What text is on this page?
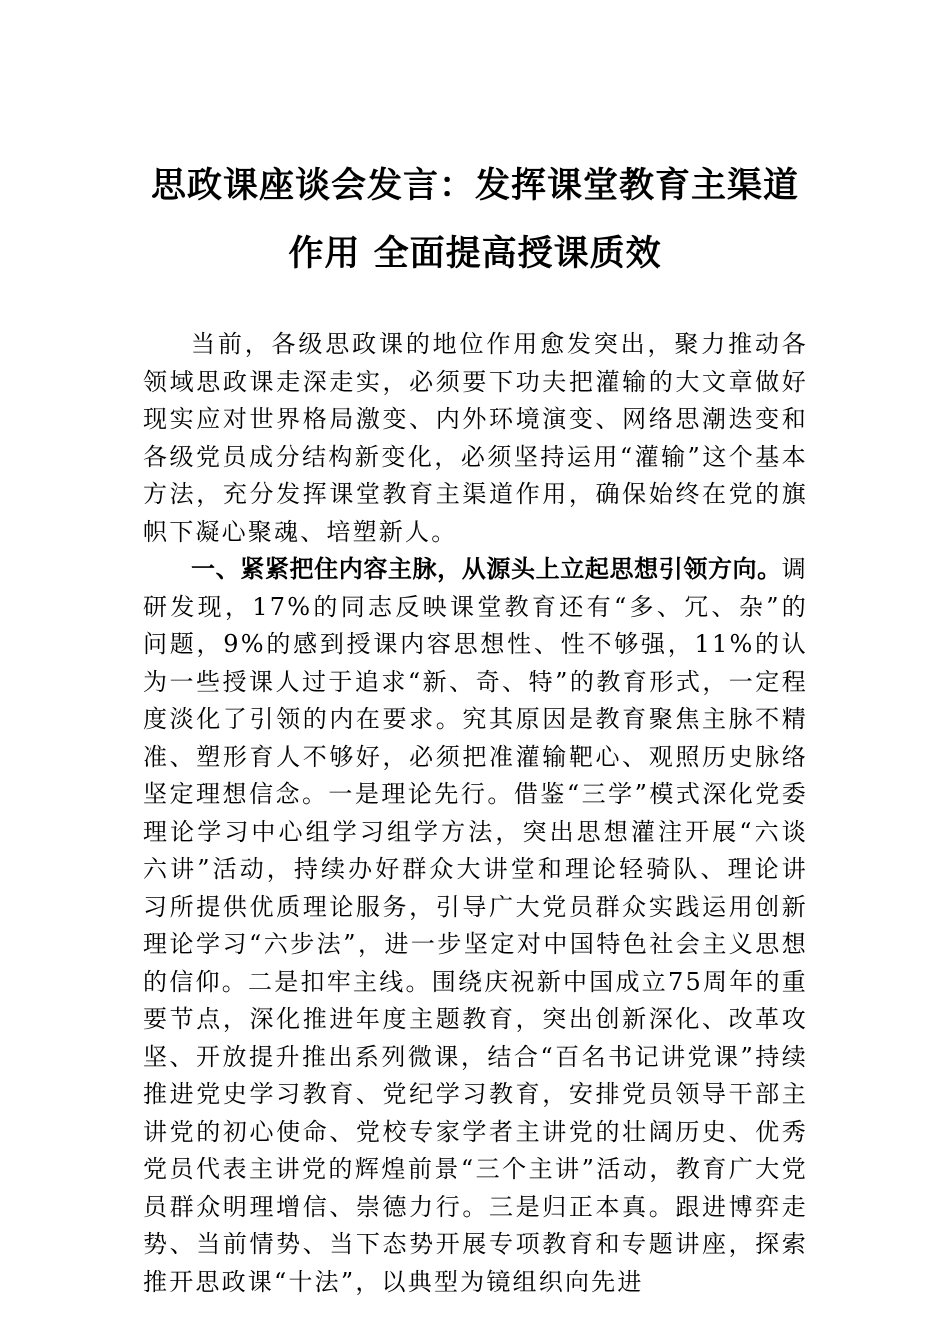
思政课座谈会发言：发挥课堂教育主渠道
作用 全面提高授课质效

当前，各级思政课的地位作用愈发突出，聚力推动各领域思政课走深走实，必须要下功夫把灌输的大文章做好现实应对世界格局激变、内外环境演变、网络思潮迭变和各级党员成分结构新变化，必须坚持运用“灌输”这个基本方法，充分发挥课堂教育主渠道作用，确保始终在党的旗帜下凝心聚魂、培塑新人。

一、紧紧把住内容主脉，从源头上立起思想引领方向。调研发现，17%的同志反映课堂教育还有“多、冗、杂”的问题，9%的感到授课内容思想性、性不够强，11%的认为一些授课人过于追求“新、奇、特”的教育形式，一定程度淡化了引领的内在要求。究其原因是教育聚焦主脉不精准、塑形育人不够好，必须把准灌输靶心、观照历史脉络坚定理想信念。一是理论先行。借鉴“三学”模式深化党委理论学习中心组学习组学方法，突出思想灌注开展“六谈六讲”活动，持续办好群众大讲堂和理论轻骑队、理论讲习所提供优质理论服务，引导广大党员群众实践运用创新理论学习“六步法”，进一步坚定对中国特色社会主义思想的信仰。二是扣牢主线。围绕庆祝新中国成立75周年的重要节点，深化推进年度主题教育，突出创新深化、改革攻坚、开放提升推出系列微课，结合“百名书记讲党课”持续推进党史学习教育、党纪学习教育，安排党员领导干部主讲党的初心使命、党校专家学者主讲党的壮阔历史、优秀党员代表主讲党的辉煌前景“三个主讲”活动，教育广大党员群众明理增信、崇德力行。三是归正本真。跟进博弈走势、当前情势、当下态势开展专项教育和专题讲座，探索推开思政课“十法”，以典型为镜组织向先进
